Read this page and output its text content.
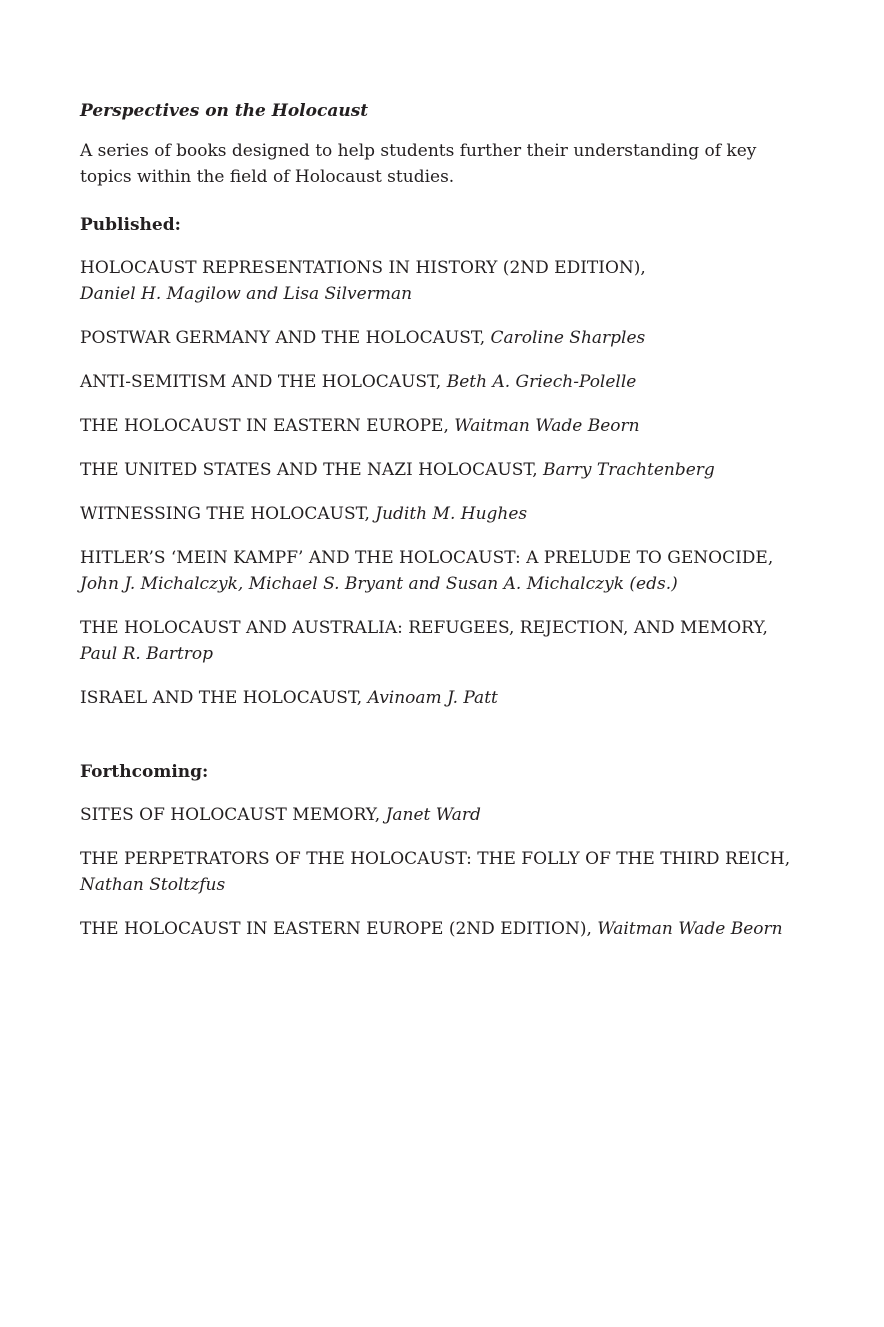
Perspectives on the Holocaust

A series of books designed to help students further their understanding of key topics within the field of Holocaust studies.

Published:

HOLOCAUST REPRESENTATIONS IN HISTORY (2ND EDITION),
Daniel H. Magilow and Lisa Silverman

POSTWAR GERMANY AND THE HOLOCAUST, Caroline Sharples

ANTI-SEMITISM AND THE HOLOCAUST, Beth A. Griech-Polelle

THE HOLOCAUST IN EASTERN EUROPE, Waitman Wade Beorn

THE UNITED STATES AND THE NAZI HOLOCAUST, Barry Trachtenberg

WITNESSING THE HOLOCAUST, Judith M. Hughes

HITLER’S ‘MEIN KAMPF’ AND THE HOLOCAUST: A PRELUDE TO GENOCIDE,
John J. Michalczyk, Michael S. Bryant and Susan A. Michalczyk (eds.)

THE HOLOCAUST AND AUSTRALIA: REFUGEES, REJECTION, AND MEMORY,
Paul R. Bartrop

ISRAEL AND THE HOLOCAUST, Avinoam J. Patt

Forthcoming:

SITES OF HOLOCAUST MEMORY, Janet Ward

THE PERPETRATORS OF THE HOLOCAUST: THE FOLLY OF THE THIRD REICH, Nathan Stoltzfus

THE HOLOCAUST IN EASTERN EUROPE (2ND EDITION), Waitman Wade Beorn
